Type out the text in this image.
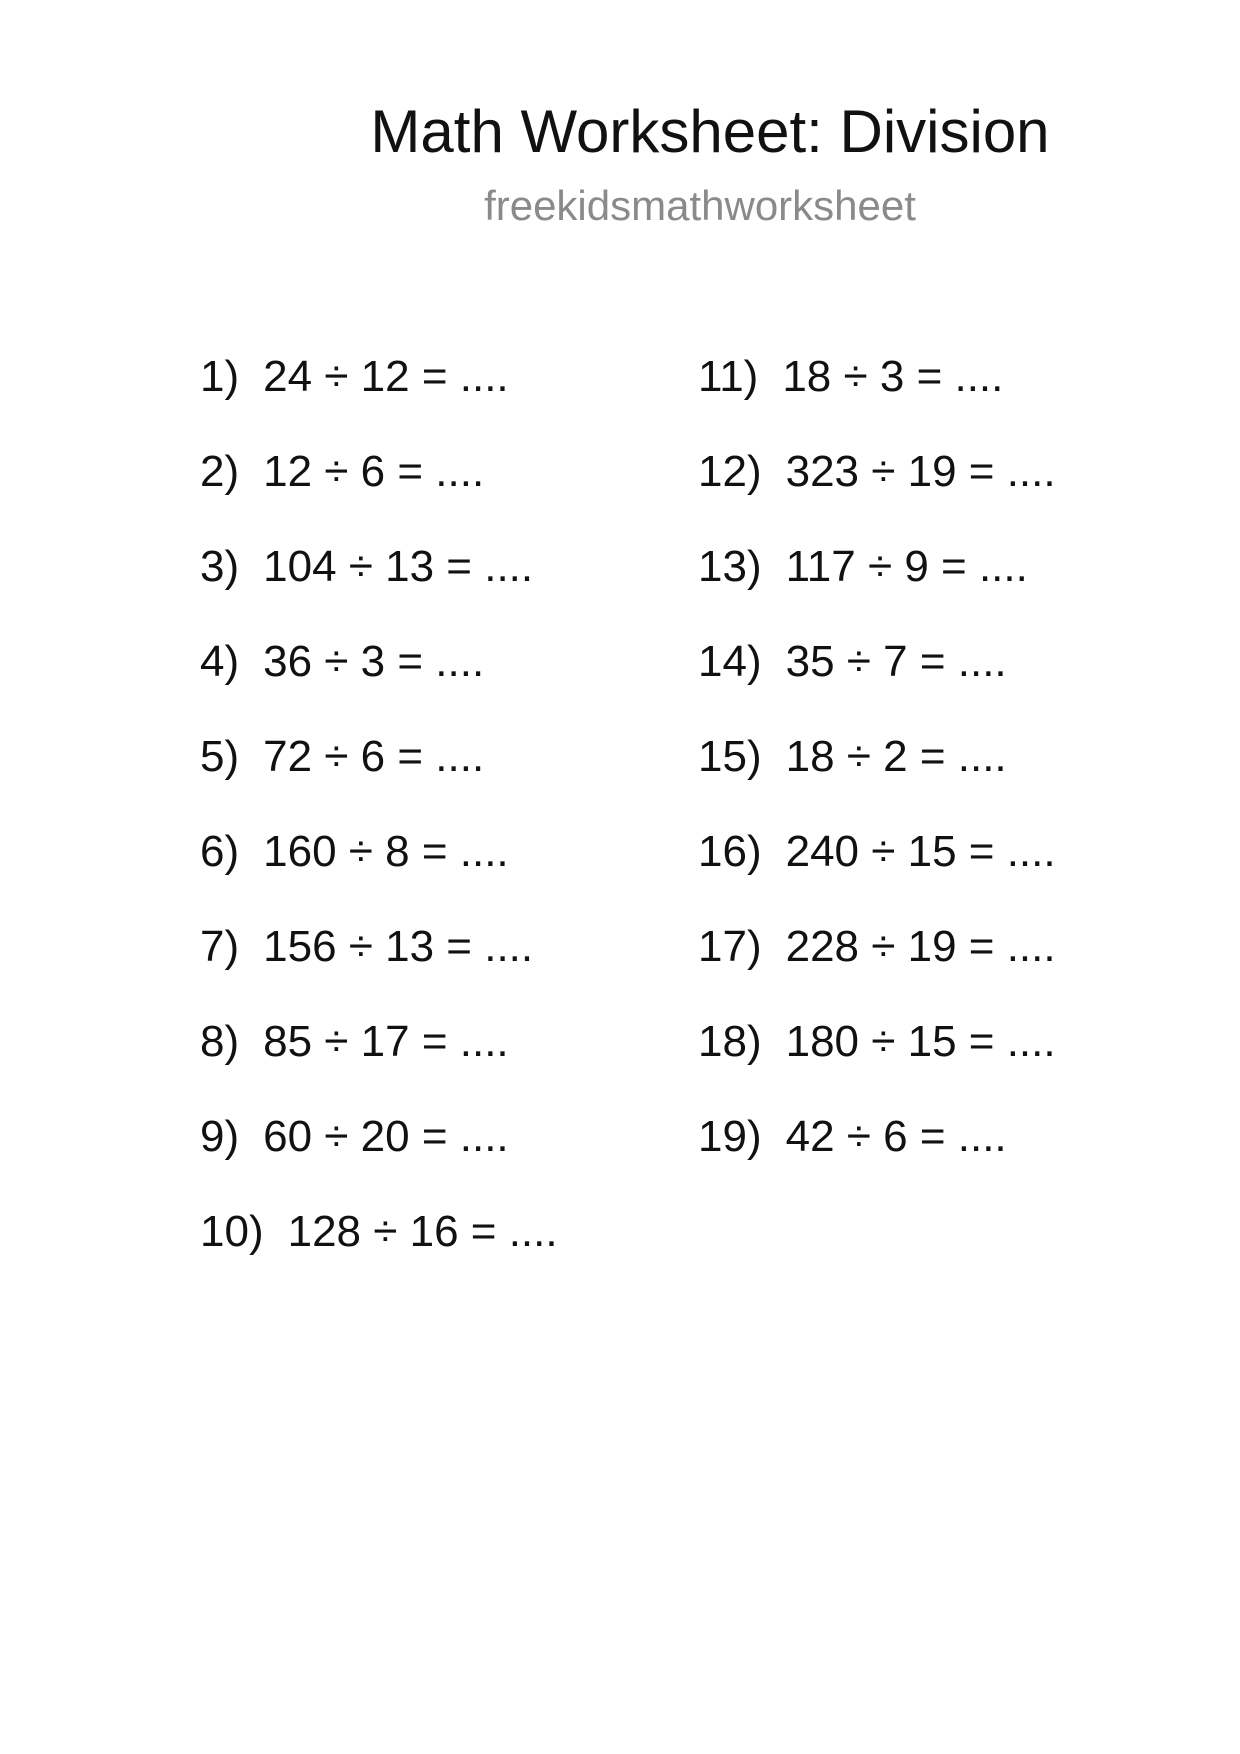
Math Worksheet: Division
freekidsmathworksheet
1) 24 ÷ 12 = ....
2) 12 ÷ 6 = ....
3) 104 ÷ 13 = ....
4) 36 ÷ 3 = ....
5) 72 ÷ 6 = ....
6) 160 ÷ 8 = ....
7) 156 ÷ 13 = ....
8) 85 ÷ 17 = ....
9) 60 ÷ 20 = ....
10) 128 ÷ 16 = ....
11) 18 ÷ 3 = ....
12) 323 ÷ 19 = ....
13) 117 ÷ 9 = ....
14) 35 ÷ 7 = ....
15) 18 ÷ 2 = ....
16) 240 ÷ 15 = ....
17) 228 ÷ 19 = ....
18) 180 ÷ 15 = ....
19) 42 ÷ 6 = ....
